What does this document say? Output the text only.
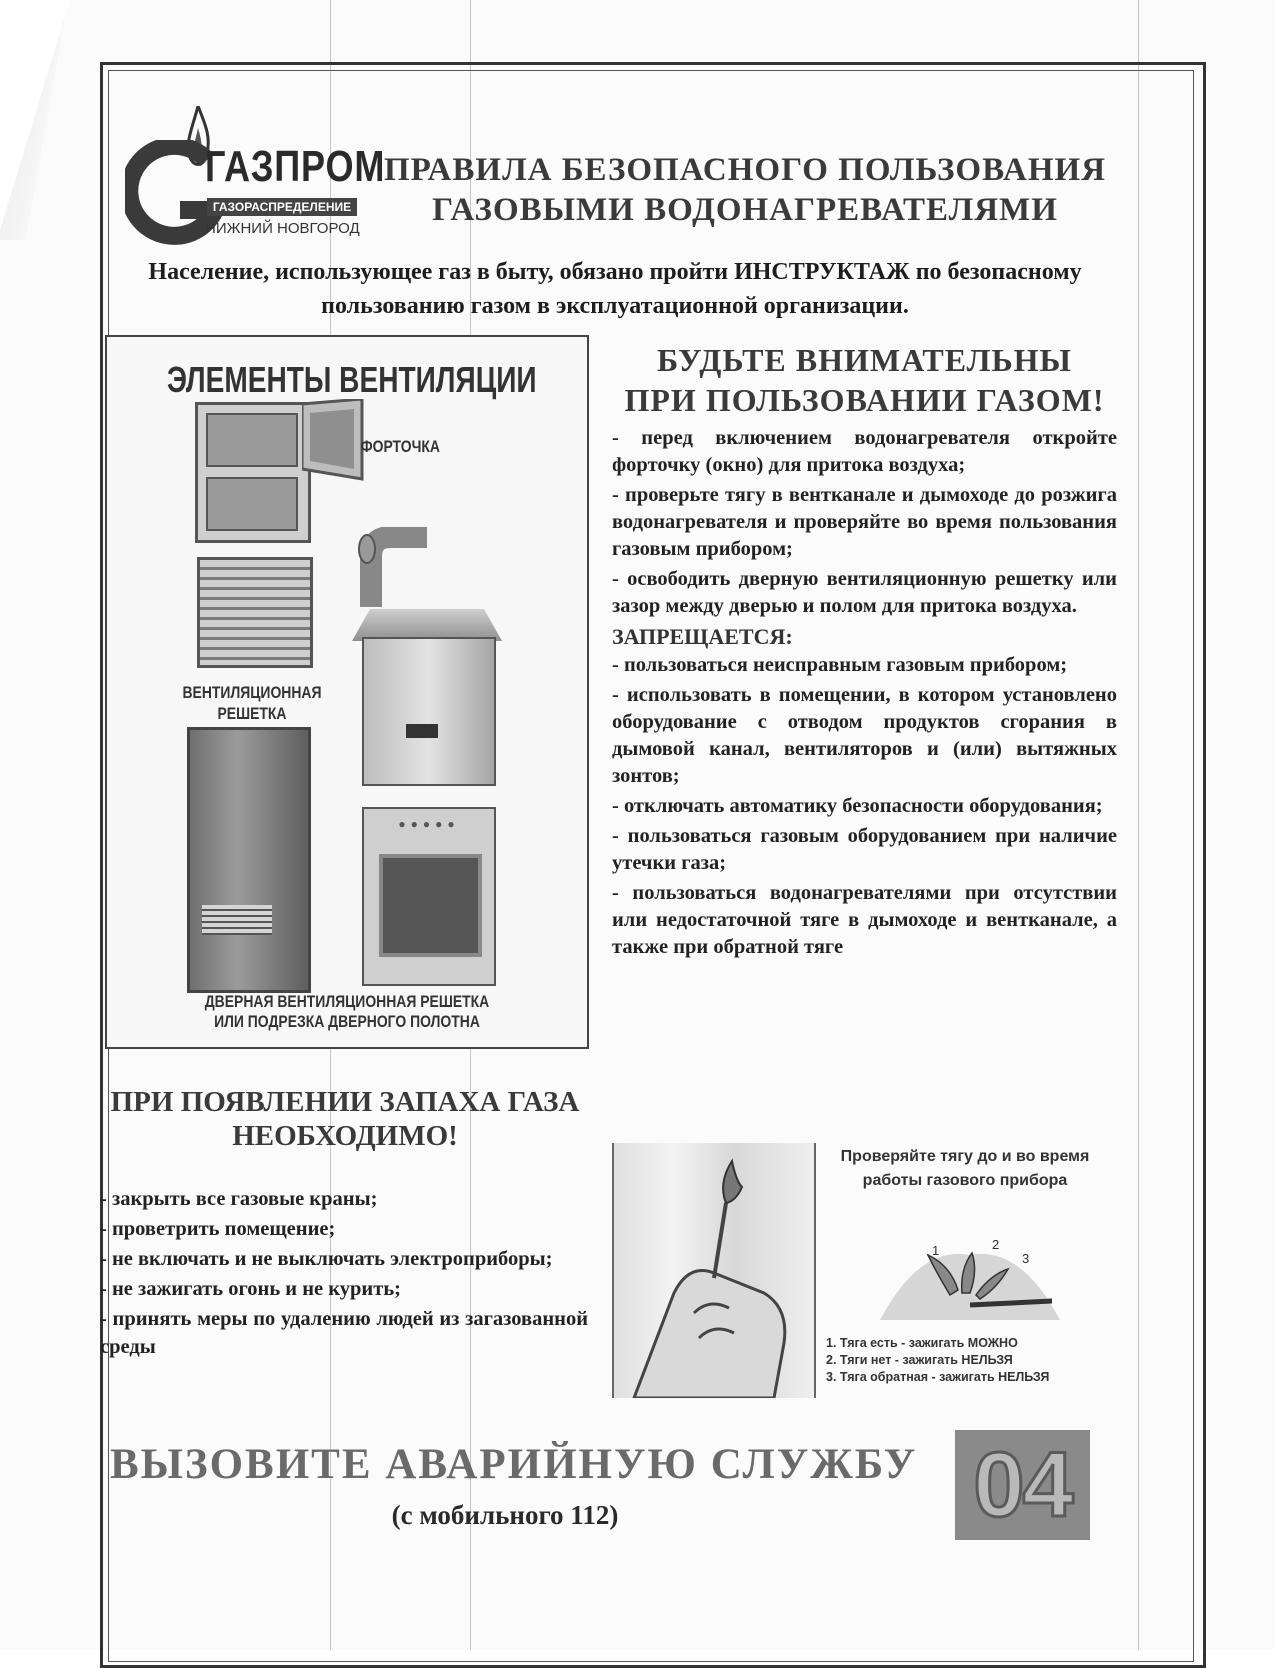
ГАЗПРОМ
ГАЗОРАСПРЕДЕЛЕНИЕ
НИЖНИЙ НОВГОРОД
ПРАВИЛА БЕЗОПАСНОГО ПОЛЬЗОВАНИЯ
ГАЗОВЫМИ ВОДОНАГРЕВАТЕЛЯМИ
Население, использующее газ в быту, обязано пройти ИНСТРУКТАЖ по безопасному пользованию газом в эксплуатационной организации.
ЭЛЕМЕНТЫ ВЕНТИЛЯЦИИ
ФОРТОЧКА
ВЕНТИЛЯЦИОННАЯ
РЕШЕТКА
●●●●●
ДВЕРНАЯ ВЕНТИЛЯЦИОННАЯ РЕШЕТКА
ИЛИ ПОДРЕЗКА ДВЕРНОГО ПОЛОТНА
БУДЬТЕ ВНИМАТЕЛЬНЫ
ПРИ ПОЛЬЗОВАНИИ ГАЗОМ!

- перед включением водонагревателя откройте форточку (окно) для притока воздуха;

- проверьте тягу в вентканале и дымоходе до розжига водонагревателя и проверяйте во время пользования газовым прибором;

- освободить дверную вентиляционную решетку или зазор между дверью и полом для притока воздуха.

ЗАПРЕЩАЕТСЯ:

- пользоваться неисправным газовым прибором;

- использовать в помещении, в котором установлено оборудование с отводом продуктов сгорания в дымовой канал, вентиляторов и (или) вытяжных зонтов;

- отключать автоматику безопасности оборудования;

- пользоваться газовым оборудованием при наличие утечки газа;

- пользоваться водонагревателями при отсутствии или недостаточной тяге в дымоходе и вентканале, а также при обратной тяге

ПРИ ПОЯВЛЕНИИ ЗАПАХА ГАЗА
НЕОБХОДИМО!

- закрыть все газовые краны;

- проветрить помещение;

- не включать и не выключать электроприборы;

- не зажигать огонь и не курить;

- принять меры по удалению людей из загазованной среды

Проверяйте тягу до и во время работы газового прибора
1	2
3

1. Тяга есть - зажигать МОЖНО

2. Тяги нет - зажигать НЕЛЬЗЯ

3. Тяга обратная - зажигать НЕЛЬЗЯ

ВЫЗОВИТЕ АВАРИЙНУЮ СЛУЖБУ
(с мобильного 112)	04
